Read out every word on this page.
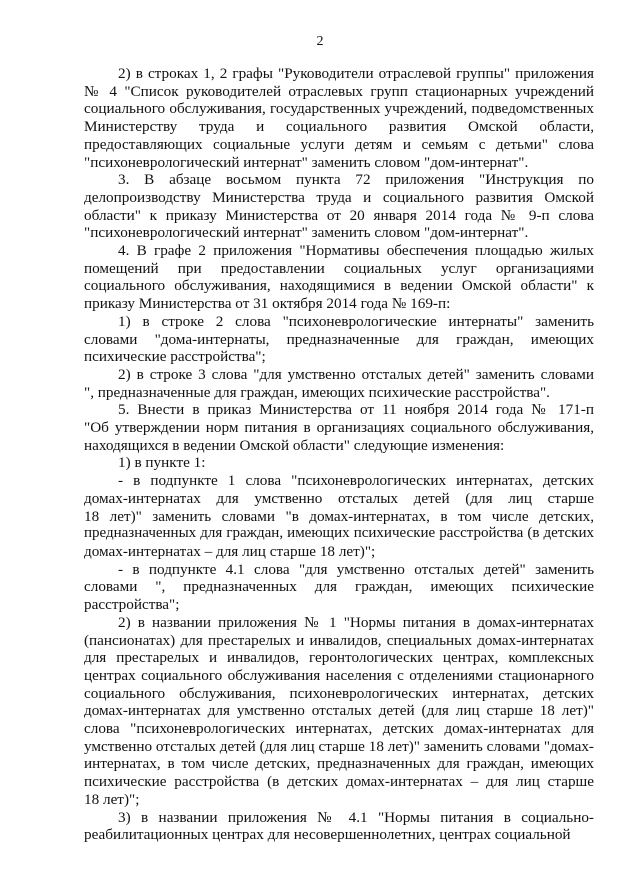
2
2) в строках 1, 2 графы "Руководители отраслевой группы" приложения
№ 4 "Список руководителей отраслевых групп стационарных учреждений
социального обслуживания, государственных учреждений, подведомственных
Министерству труда и социального развития Омской области,
предоставляющих социальные услуги детям и семьям с детьми" слова
"психоневрологический интернат" заменить словом "дом-интернат".
3. В абзаце восьмом пункта 72 приложения "Инструкция по
делопроизводству Министерства труда и социального развития Омской
области" к приказу Министерства от 20 января 2014 года № 9-п слова
"психоневрологический интернат" заменить словом "дом-интернат".
4. В графе 2 приложения "Нормативы обеспечения площадью жилых
помещений при предоставлении социальных услуг организациями
социального обслуживания, находящимися в ведении Омской области" к
приказу Министерства от 31 октября 2014 года № 169-п:
1) в строке 2 слова "психоневрологические интернаты" заменить
словами "дома-интернаты, предназначенные для граждан, имеющих
психические расстройства";
2) в строке 3 слова "для умственно отсталых детей" заменить словами
", предназначенные для граждан, имеющих психические расстройства".
5. Внести в приказ Министерства от 11 ноября 2014 года № 171-п
"Об утверждении норм питания в организациях социального обслуживания,
находящихся в ведении Омской области" следующие изменения:
1) в пункте 1:
- в подпункте 1 слова "психоневрологических интернатах, детских
домах-интернатах для умственно отсталых детей (для лиц старше
18 лет)" заменить словами "в домах-интернатах, в том числе детских,
предназначенных для граждан, имеющих психические расстройства (в детских
домах-интернатах – для лиц старше 18 лет)";
- в подпункте 4.1 слова "для умственно отсталых детей" заменить
словами ", предназначенных для граждан, имеющих психические
расстройства";
2) в названии приложения № 1 "Нормы питания в домах-интернатах
(пансионатах) для престарелых и инвалидов, специальных домах-интернатах
для престарелых и инвалидов, геронтологических центрах, комплексных
центрах социального обслуживания населения с отделениями стационарного
социального обслуживания, психоневрологических интернатах, детских
домах-интернатах для умственно отсталых детей (для лиц старше 18 лет)"
слова "психоневрологических интернатах, детских домах-интернатах для
умственно отсталых детей (для лиц старше 18 лет)" заменить словами "домах-
интернатах, в том числе детских, предназначенных для граждан, имеющих
психические расстройства (в детских домах-интернатах – для лиц старше
18 лет)";
3) в названии приложения № 4.1 "Нормы питания в социально-
реабилитационных центрах для несовершеннолетних, центрах социальной
